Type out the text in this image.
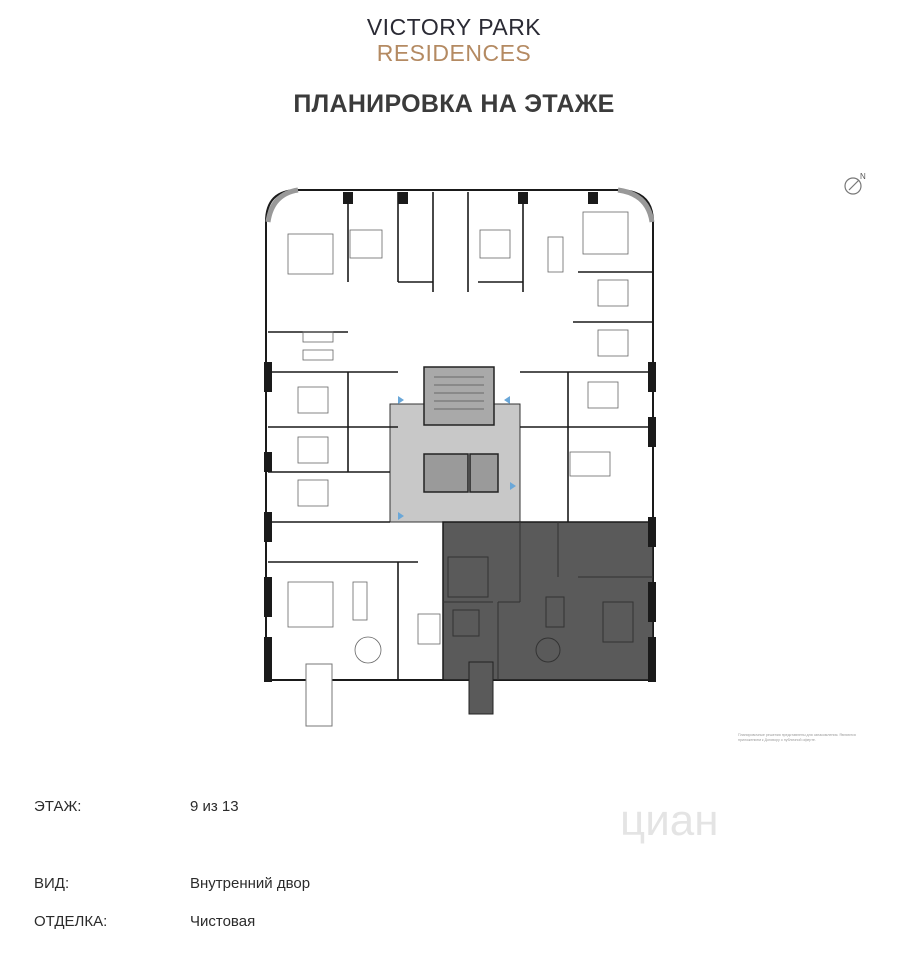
VICTORY PARK
RESIDENCES
ПЛАНИРОВКА НА ЭТАЖЕ
N
Планировочные решения представлены для ознакомления. Являются приложением к Договору о публичной оферте.
ЭТАЖ:	9 из 13
ВИД:	Внутренний двор
ОТДЕЛКА:	Чистовая
циан
